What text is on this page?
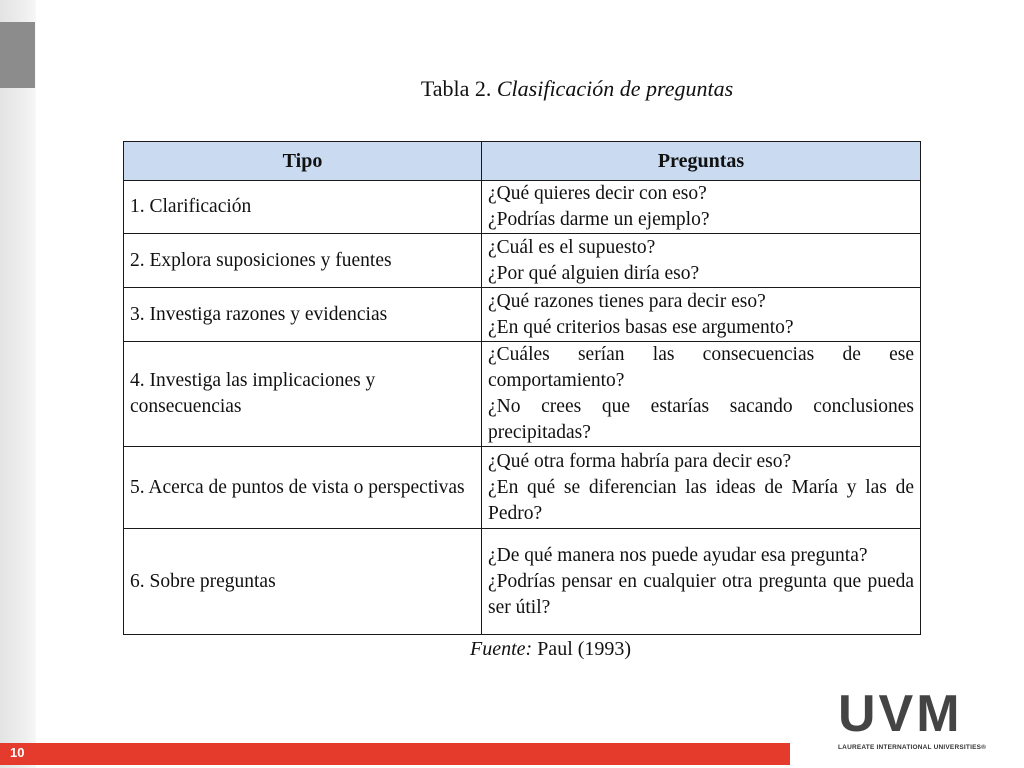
Tabla 2. Clasificación de preguntas
Tipo	Preguntas
1. Clarificación	¿Qué quieres decir con eso?
¿Podrías darme un ejemplo?

2. Explora suposiciones y fuentes	¿Cuál es el supuesto?
¿Por qué alguien diría eso?

3. Investiga razones y evidencias	¿Qué razones tienes para decir eso?
¿En qué criterios basas ese argumento?

4. Investiga las implicaciones y consecuencias	¿Cuáles serían las consecuencias de ese comportamiento?
¿No crees que estarías sacando conclusiones precipitadas?

5. Acerca de puntos de vista o perspectivas	¿Qué otra forma habría para decir eso?
¿En qué se diferencian las ideas de María y las de Pedro?

6. Sobre preguntas	¿De qué manera nos puede ayudar esa pregunta?
¿Podrías pensar en cualquier otra pregunta que pueda ser útil?
Fuente: Paul (1993)
UVM
LAUREATE INTERNATIONAL UNIVERSITIES®
10
